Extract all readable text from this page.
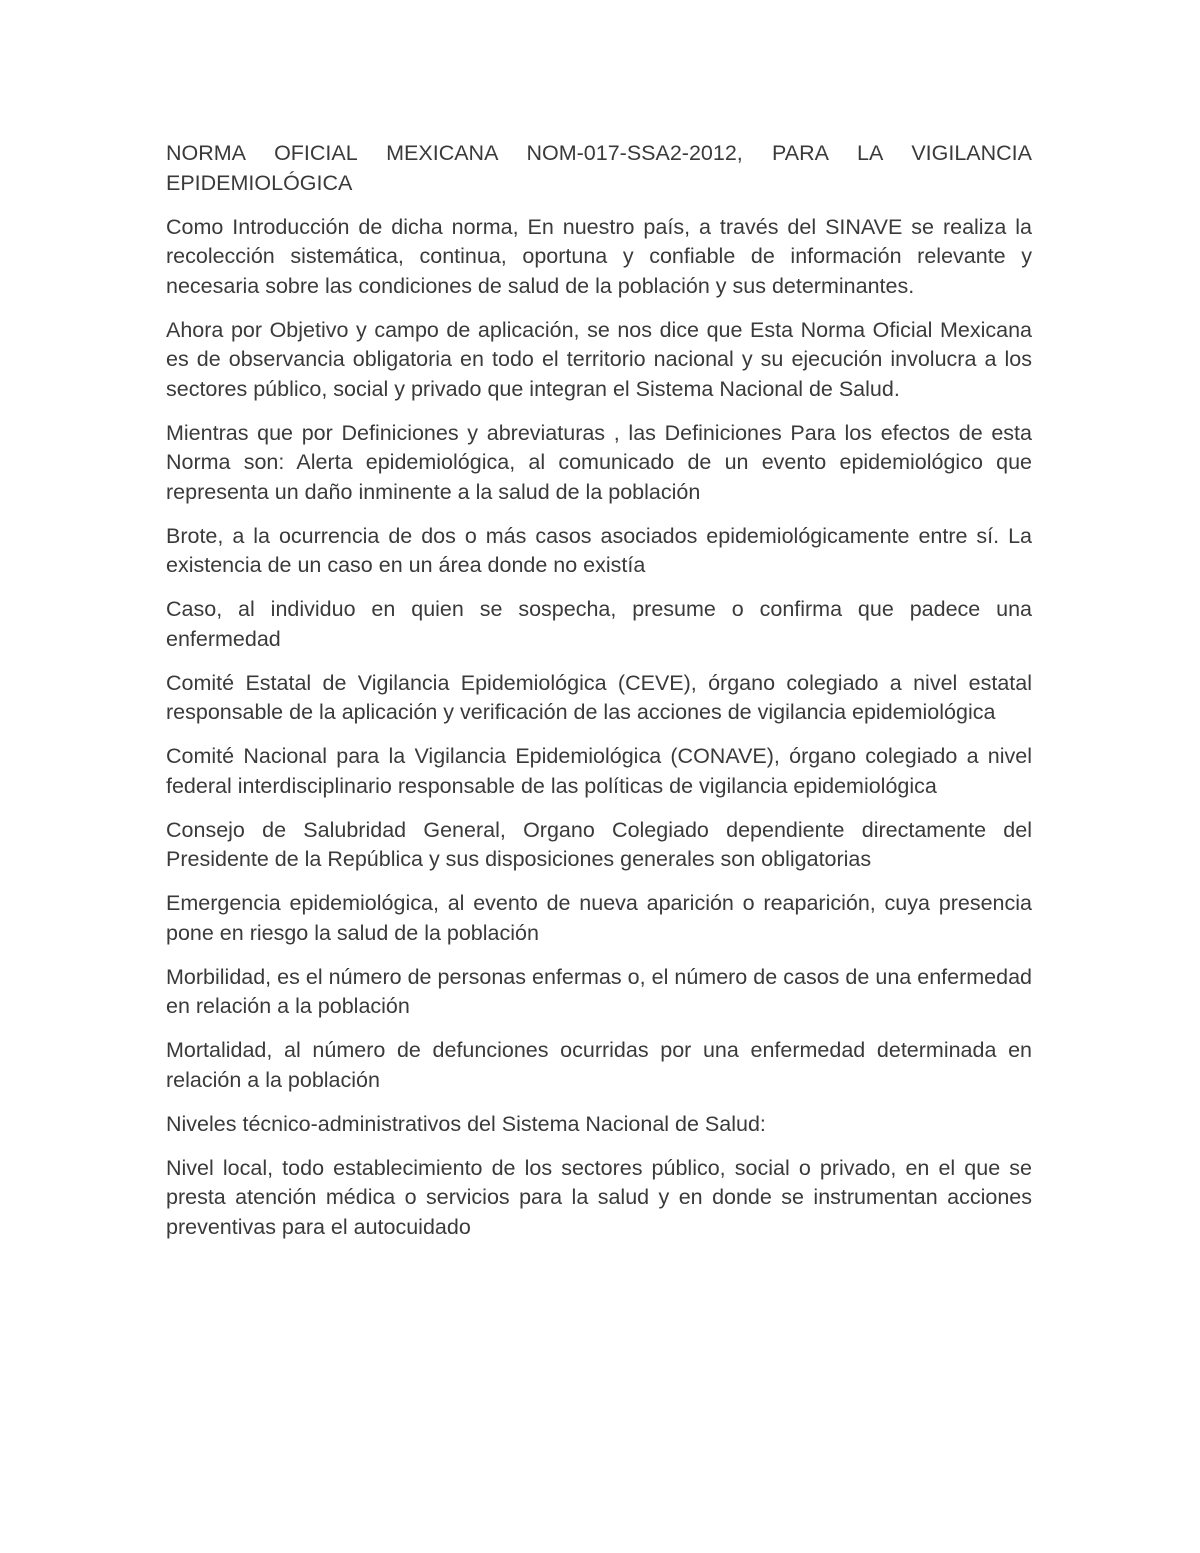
NORMA OFICIAL MEXICANA NOM-017-SSA2-2012, PARA LA VIGILANCIA EPIDEMIOLÓGICA

Como Introducción de dicha norma, En nuestro país, a través del SINAVE se realiza la recolección sistemática, continua, oportuna y confiable de información relevante y necesaria sobre las condiciones de salud de la población y sus determinantes.

Ahora por Objetivo y campo de aplicación, se nos dice que Esta Norma Oficial Mexicana es de observancia obligatoria en todo el territorio nacional y su ejecución involucra a los sectores público, social y privado que integran el Sistema Nacional de Salud.

Mientras que por Definiciones y abreviaturas , las Definiciones Para los efectos de esta Norma son: Alerta epidemiológica, al comunicado de un evento epidemiológico que representa un daño inminente a la salud de la población

Brote, a la ocurrencia de dos o más casos asociados epidemiológicamente entre sí. La existencia de un caso en un área donde no existía

Caso, al individuo en quien se sospecha, presume o confirma que padece una enfermedad

Comité Estatal de Vigilancia Epidemiológica (CEVE), órgano colegiado a nivel estatal responsable de la aplicación y verificación de las acciones de vigilancia epidemiológica

Comité Nacional para la Vigilancia Epidemiológica (CONAVE), órgano colegiado a nivel federal interdisciplinario responsable de las políticas de vigilancia epidemiológica

Consejo de Salubridad General, Organo Colegiado dependiente directamente del Presidente de la República y sus disposiciones generales son obligatorias

Emergencia epidemiológica, al evento de nueva aparición o reaparición, cuya presencia pone en riesgo la salud de la población

Morbilidad, es el número de personas enfermas o, el número de casos de una enfermedad en relación a la población

Mortalidad, al número de defunciones ocurridas por una enfermedad determinada en relación a la población

Niveles técnico-administrativos del Sistema Nacional de Salud:

Nivel local, todo establecimiento de los sectores público, social o privado, en el que se presta atención médica o servicios para la salud y en donde se instrumentan acciones preventivas para el autocuidado
